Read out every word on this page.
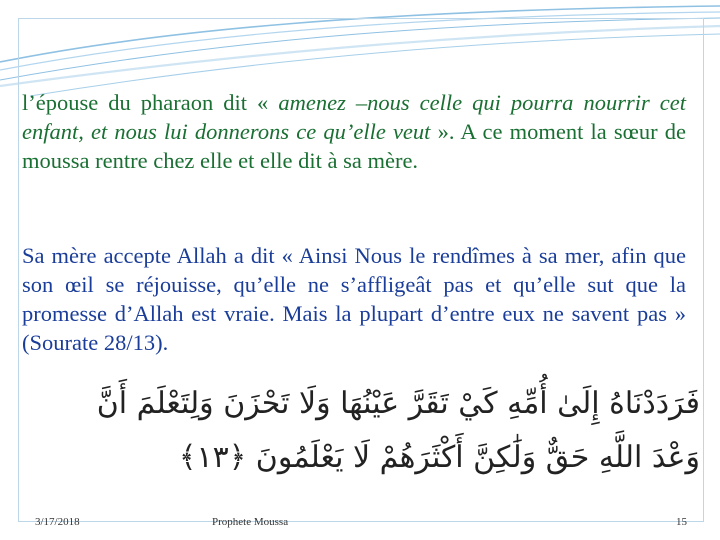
l’épouse du pharaon dit « amenez –nous celle qui pourra nourrir cet enfant, et nous lui donnerons ce qu’elle veut ». A ce moment la sœur de moussa rentre chez elle et elle dit à sa mère.

Sa mère accepte Allah a dit « Ainsi Nous le rendîmes à sa mer, afin que son œil se réjouisse, qu’elle ne s’affligeât pas et qu’elle sut que la promesse d’Allah est vraie. Mais la plupart d’entre eux ne savent pas » (Sourate 28/13).

فَرَدَدْنَاهُ إِلَىٰ أُمِّهِ كَيْ تَقَرَّ عَيْنُهَا وَلَا تَحْزَنَ وَلِتَعْلَمَ أَنَّ
وَعْدَ اللَّهِ حَقٌّ وَلَٰكِنَّ أَكْثَرَهُمْ لَا يَعْلَمُونَ ﴿١٣﴾
3/17/2018	Prophete Moussa	15
